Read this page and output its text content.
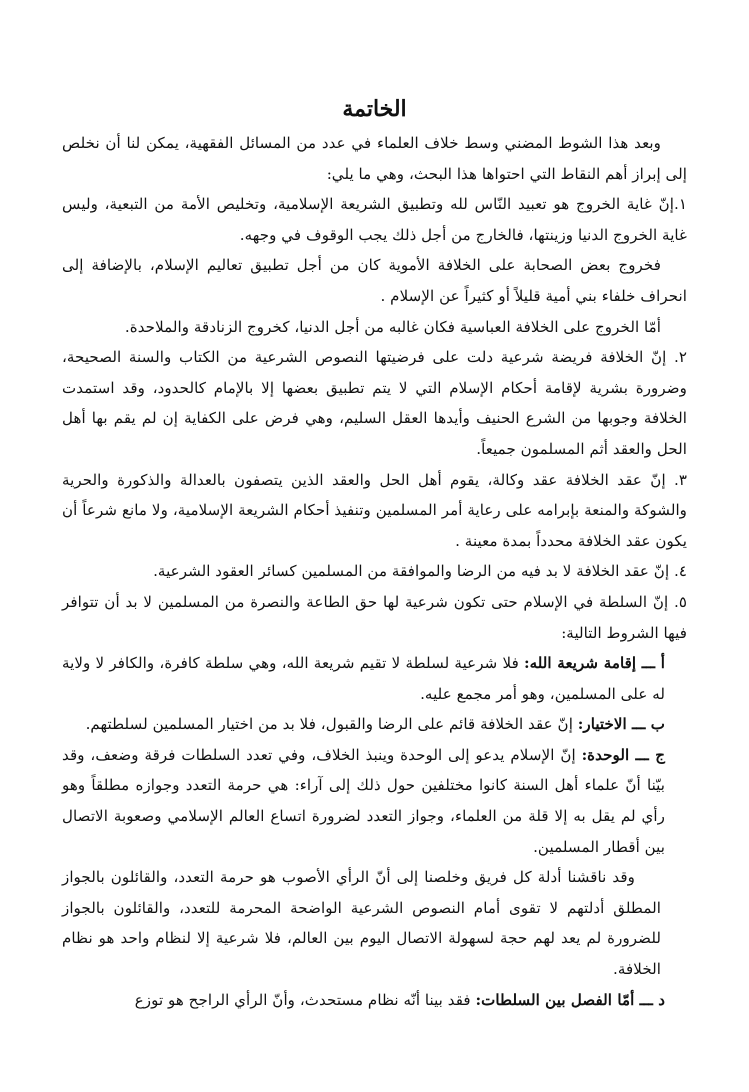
الخاتمة

وبعد هذا الشوط المضني وسط خلاف العلماء في عدد من المسائل الفقهية، يمكن لنا أن نخلص إلى إبراز أهم النقاط التي احتواها هذا البحث، وهي ما يلي:

١.إنّ غاية الخروج هو تعبيد النّاس لله وتطبيق الشريعة الإسلامية، وتخليص الأمة من التبعية، وليس غاية الخروج الدنيا وزينتها، فالخارج من أجل ذلك يجب الوقوف في وجهه.

فخروج بعض الصحابة على الخلافة الأموية كان من أجل تطبيق تعاليم الإسلام، بالإضافة إلى انحراف خلفاء بني أمية قليلاً أو كثيراً عن الإسلام .

أمّا الخروج على الخلافة العباسية فكان غالبه من أجل الدنيا، كخروج الزنادقة والملاحدة.

٢. إنّ الخلافة فريضة شرعية دلت على فرضيتها النصوص الشرعية من الكتاب والسنة الصحيحة، وضرورة بشرية لإقامة أحكام الإسلام التي لا يتم تطبيق بعضها إلا بالإمام كالحدود، وقد استمدت الخلافة وجوبها من الشرع الحنيف وأيدها العقل السليم، وهي فرض على الكفاية إن لم يقم بها أهل الحل والعقد أثم المسلمون جميعاً.

٣. إنّ عقد الخلافة عقد وكالة، يقوم أهل الحل والعقد الذين يتصفون بالعدالة والذكورة والحرية والشوكة والمنعة بإبرامه على رعاية أمر المسلمين وتنفيذ أحكام الشريعة الإسلامية، ولا مانع شرعاً أن يكون عقد الخلافة محدداً بمدة معينة .

٤. إنّ عقد الخلافة لا بد فيه من الرضا والموافقة من المسلمين كسائر العقود الشرعية.

٥. إنّ السلطة في الإسلام حتى تكون شرعية لها حق الطاعة والنصرة من المسلمين لا بد أن تتوافر فيها الشروط التالية:

أ ـــ إقامة شريعة الله: فلا شرعية لسلطة لا تقيم شريعة الله، وهي سلطة كافرة، والكافر لا ولاية له على المسلمين، وهو أمر مجمع عليه.

ب ـــ الاختيار: إنّ عقد الخلافة قائم على الرضا والقبول، فلا بد من اختيار المسلمين لسلطتهم.

ج ـــ الوحدة: إنّ الإسلام يدعو إلى الوحدة وينبذ الخلاف، وفي تعدد السلطات فرقة وضعف، وقد بيّنا أنّ علماء أهل السنة كانوا مختلفين حول ذلك إلى آراء: هي حرمة التعدد وجوازه مطلقاً وهو رأي لم يقل به إلا قلة من العلماء، وجواز التعدد لضرورة اتساع العالم الإسلامي وصعوبة الاتصال بين أقطار المسلمين.

وقد ناقشنا أدلة كل فريق وخلصنا إلى أنّ الرأي الأصوب هو حرمة التعدد، والقائلون بالجواز المطلق أدلتهم لا تقوى أمام النصوص الشرعية الواضحة المحرمة للتعدد، والقائلون بالجواز للضرورة لم يعد لهم حجة لسهولة الاتصال اليوم بين العالم، فلا شرعية إلا لنظام واحد هو نظام الخلافة.

د ـــ أمّا الفصل بين السلطات: فقد بينا أنّه نظام مستحدث، وأنّ الرأي الراجح هو توزع
